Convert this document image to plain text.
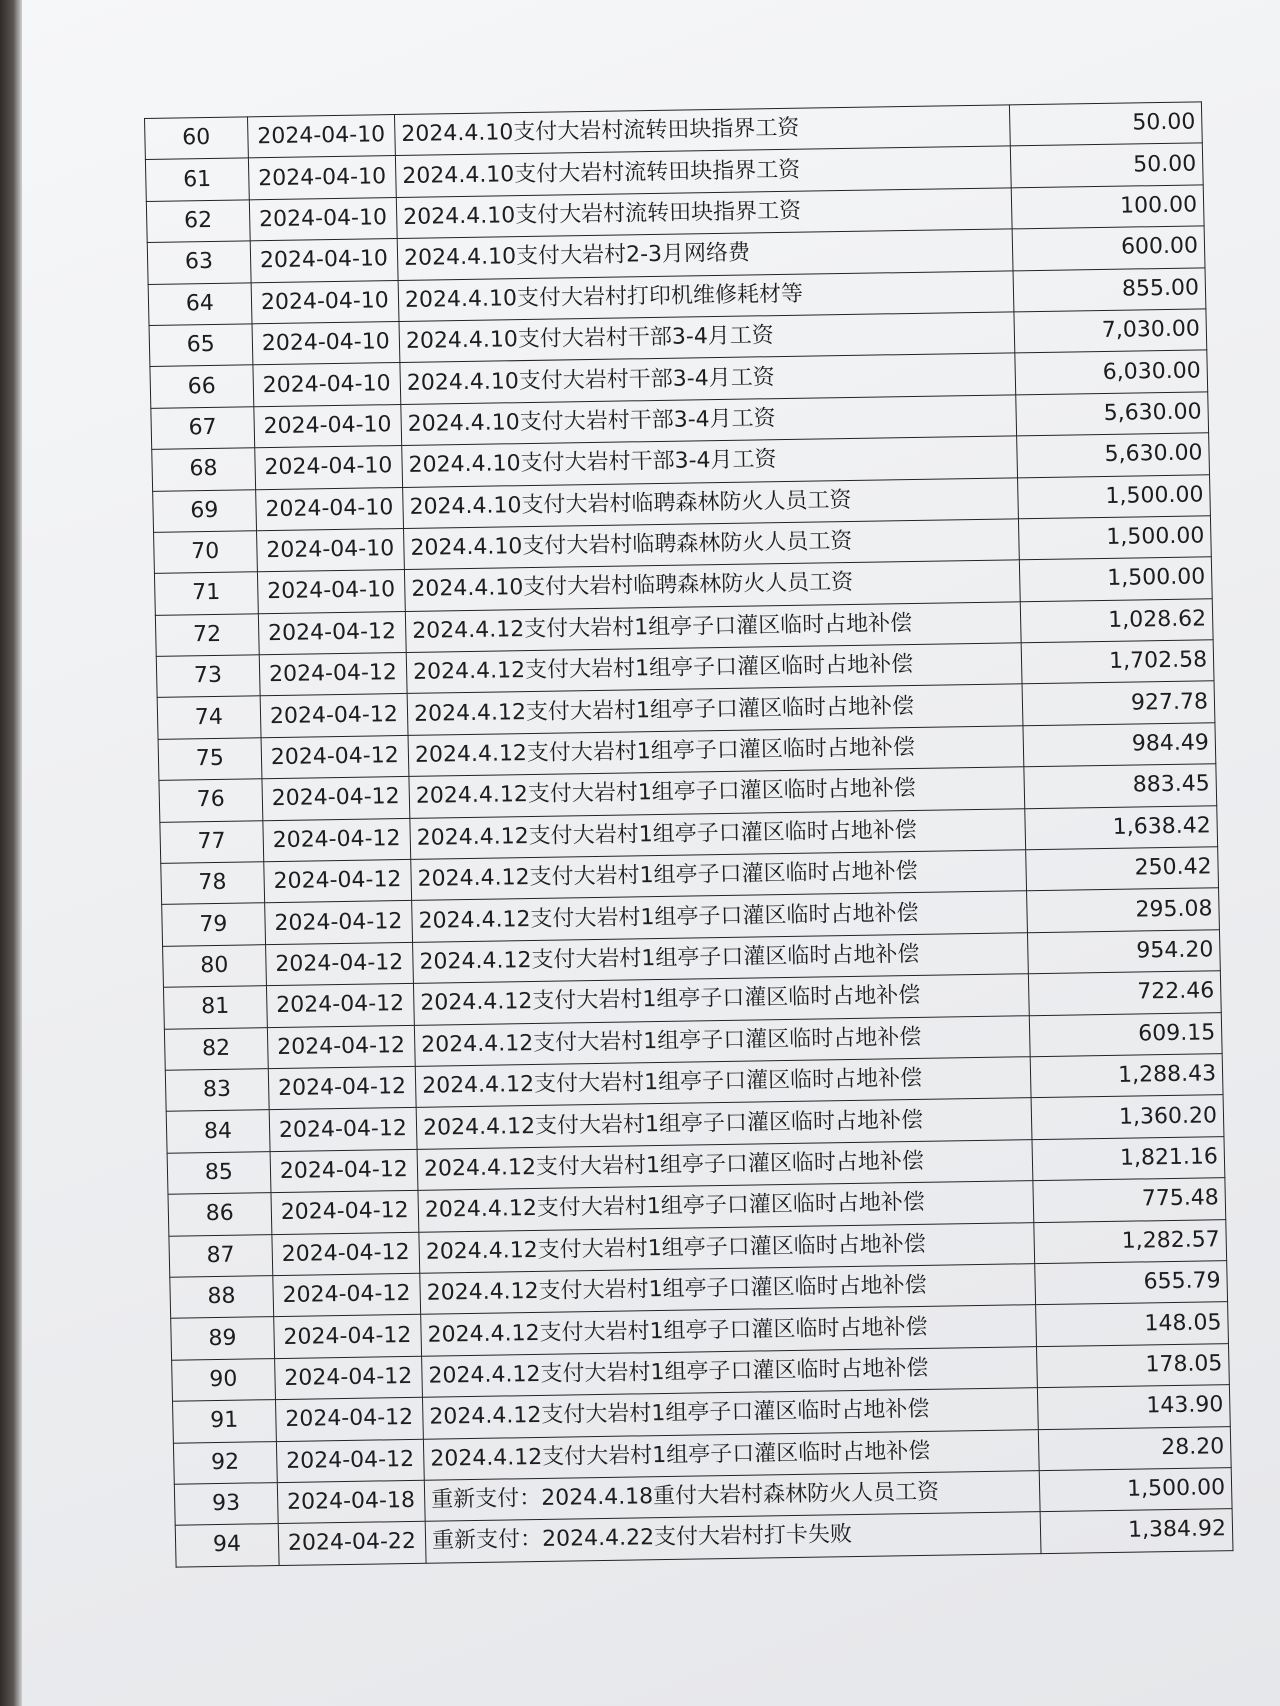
60	2024-04-10	2024.4.10支付大岩村流转田块指界工资	50.00
61	2024-04-10	2024.4.10支付大岩村流转田块指界工资	50.00
62	2024-04-10	2024.4.10支付大岩村流转田块指界工资	100.00
63	2024-04-10	2024.4.10支付大岩村2-3月网络费	600.00
64	2024-04-10	2024.4.10支付大岩村打印机维修耗材等	855.00
65	2024-04-10	2024.4.10支付大岩村干部3-4月工资	7,030.00
66	2024-04-10	2024.4.10支付大岩村干部3-4月工资	6,030.00
67	2024-04-10	2024.4.10支付大岩村干部3-4月工资	5,630.00
68	2024-04-10	2024.4.10支付大岩村干部3-4月工资	5,630.00
69	2024-04-10	2024.4.10支付大岩村临聘森林防火人员工资	1,500.00
70	2024-04-10	2024.4.10支付大岩村临聘森林防火人员工资	1,500.00
71	2024-04-10	2024.4.10支付大岩村临聘森林防火人员工资	1,500.00
72	2024-04-12	2024.4.12支付大岩村1组亭子口灌区临时占地补偿	1,028.62
73	2024-04-12	2024.4.12支付大岩村1组亭子口灌区临时占地补偿	1,702.58
74	2024-04-12	2024.4.12支付大岩村1组亭子口灌区临时占地补偿	927.78
75	2024-04-12	2024.4.12支付大岩村1组亭子口灌区临时占地补偿	984.49
76	2024-04-12	2024.4.12支付大岩村1组亭子口灌区临时占地补偿	883.45
77	2024-04-12	2024.4.12支付大岩村1组亭子口灌区临时占地补偿	1,638.42
78	2024-04-12	2024.4.12支付大岩村1组亭子口灌区临时占地补偿	250.42
79	2024-04-12	2024.4.12支付大岩村1组亭子口灌区临时占地补偿	295.08
80	2024-04-12	2024.4.12支付大岩村1组亭子口灌区临时占地补偿	954.20
81	2024-04-12	2024.4.12支付大岩村1组亭子口灌区临时占地补偿	722.46
82	2024-04-12	2024.4.12支付大岩村1组亭子口灌区临时占地补偿	609.15
83	2024-04-12	2024.4.12支付大岩村1组亭子口灌区临时占地补偿	1,288.43
84	2024-04-12	2024.4.12支付大岩村1组亭子口灌区临时占地补偿	1,360.20
85	2024-04-12	2024.4.12支付大岩村1组亭子口灌区临时占地补偿	1,821.16
86	2024-04-12	2024.4.12支付大岩村1组亭子口灌区临时占地补偿	775.48
87	2024-04-12	2024.4.12支付大岩村1组亭子口灌区临时占地补偿	1,282.57
88	2024-04-12	2024.4.12支付大岩村1组亭子口灌区临时占地补偿	655.79
89	2024-04-12	2024.4.12支付大岩村1组亭子口灌区临时占地补偿	148.05
90	2024-04-12	2024.4.12支付大岩村1组亭子口灌区临时占地补偿	178.05
91	2024-04-12	2024.4.12支付大岩村1组亭子口灌区临时占地补偿	143.90
92	2024-04-12	2024.4.12支付大岩村1组亭子口灌区临时占地补偿	28.20
93	2024-04-18	重新支付：2024.4.18重付大岩村森林防火人员工资	1,500.00
94	2024-04-22	重新支付：2024.4.22支付大岩村打卡失败	1,384.92
